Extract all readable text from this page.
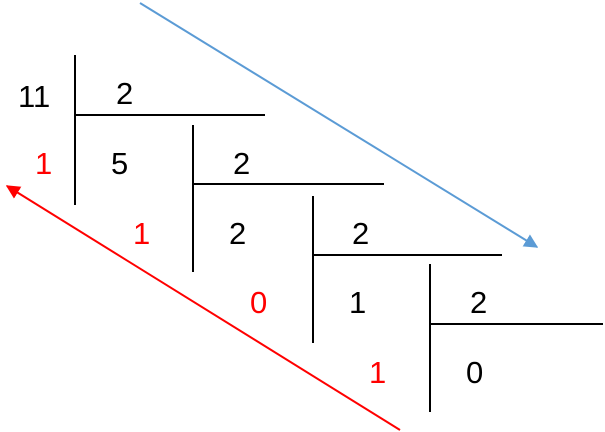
11 2
1 5	2
1	2	2
0	1	2
1	0
